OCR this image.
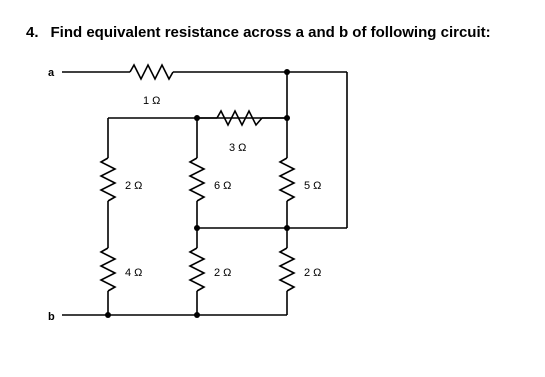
4. Find equivalent resistance across a and b of following circuit:

a
b
1 Ω
3 Ω
2 Ω	6 Ω	5 Ω
4 Ω	2 Ω	2 Ω
